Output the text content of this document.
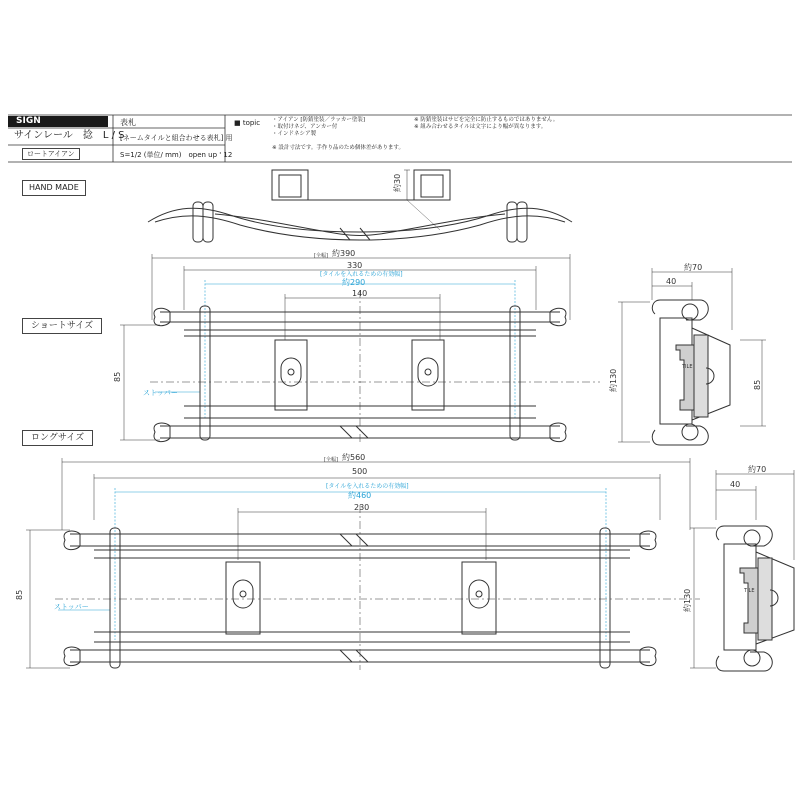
SIGN
サインレール　捻　L / S
ロートアイアン
表札
[ネームタイルと組合わせる表札] 用
S=1/2 (単位/ mm)　open up ' 12
■ topic ・アイアン [防錆塗装／ラッカー塗装]
・取付けネジ、アンカー付
・インドネシア製
※ 設計寸法です。手作り品のため個体差があります。
※ 防錆塗装はサビを完全に防止するものではありません。
※ 組み合わせるタイルは文字により幅が異なります。
HAND MADE
ショートサイズ
ロングサイズ
約30
[全幅] 約390
330
[タイルを入れるための有効幅]
約290
140
85
ストッパー
約70
40
約130	85
TILE
[全幅] 約560
500
[タイルを入れるための有効幅]
約460
230
85
ストッパー
約70
40
約130	TILE
